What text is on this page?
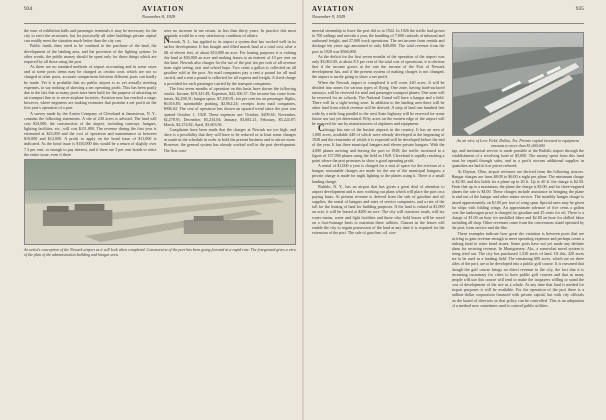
934	AVIATION
November 8, 1929

the ease of exhibition halls and passenger terminals it may be necessary for the city to erect the structures, but for practically all other buildings private capital can readily meet the situation much better than the city can.

Public funds, then, need to be confined to the purchase of the land, the development of the landing area, and the provision of the lighting system. In other words, the public money should be spent only for those things which are required by all those using the port.

As there are no standard methods of airport accounting and in some cases and at some ports items may be charged as certain costs which are not so charged at other ports, accurate comparisons between different ports can hardly be made. Yet it is probable that no public airport is as yet actually meeting expenses, to say nothing of showing a net operating profit. This has been partly due to the fact that so many ports have been built for the purpose of attracting an air transport line or to serve airplane factories. Aviation now has reached a stage, however, where engineers are making estimates that promise a net profit on the first year's operation of a port.

A survey made by the Austin Company of Cleveland at Jamestown, N. Y., contains the following statements. A site of 230 acres is advised. The land will cost $34,000, the construction of the airport, including runways, hangars, lighting facilities, etc., will cost $111,000. The revenue during the first year is estimated at $23,000 and the cost of operation and maintenance at between $10,000 and $12,000. A profit to apply on the bond issue of $11,000 is indicated. As the bond issue is $150,000 this would be a return of slightly over 7.3 per cent. or enough to pay interest, and if there are 3 per cent bonds to retire the entire issue, even if there

were no increase in net return, in less than thirty years. In practice this most certainly would be a very satisfactory condition of affairs.

Newark, N. J., has applied to its airport a system that has worked well in its harbor development. It has bought and filled marsh land at a total cost, after a fill of eleven feet, of about $10,000 an acre. For leasing purposes it is valuing this land at $30,000 an acre and making leases at an interest of 10 per cent on this base. Newark also charges for the use of the port ten per cent of all revenue from sight seeing, taxi and school hops. Two cents a gallon is collected on all gasoline sold at the port. Air mail companies pay a rent a pound for all mail carried, and a rent a pound is collected for all express and freight. A fixed charge is provided for each passenger carried by the transport companies.

The first seven months of operation on this basis have shown the following results: Income, $19,341.49; Expenses, $22,306.37. The income has come from: leases, $2,298.31; hangar space, $7,290.91; ten per cent tax on passenger flights, $6,016.85; automobile parking, $2,962.24; receipts from mail companies, $906.04. The cost of operation has shown an upward trend since the port was opened October 1, 1928. These expenses are: October, $209.65; November, $2,278.91; December, $5,234.04; January, $3,682.21; February, $5,224.87; March, $2,274.82; April, $3,603.56.

Complaints have been made that the charges at Newark are too high, and there is a possibility that they will have to be reduced or at least some changes be made in the schedule in order to hold the present business and to attract more. However, the general system has already worked well in the port development. The first com-

An artist's conception of the Newark airport as it will look when completed. Construction of the port has been going forward at a rapid rate. The foreground gives a view of the plan of the administration building and hangar area.
AVIATION
November 9, 1929
935

mercial steamship to leave the port did so in 1922. In 1926 the traffic had grown to 700 sailings and arrivals a year, the handling of 7,000 carloads of inbound and outbound freight, and 27,000 truck operations. The net income from rentals and dockage ten years ago amounted to only $40,000. The total revenue from the port in 1928 was $566,000.

As the deficit for the first seven months of the operation of the airport was only $3,063.00, or about 8.5 per cent of the total cost of operations, it is obvious that if the income grows at the rate the income of the Port of Newark development has, and if the present system of making charges is not changed, the airport is surely going to show a net profit.

When the Newark airport is completed it will cover 420 acres. It will be divided into zones for various types of flying. One zone, having hard-surfaced runways, will be reserved for mail and passenger transport planes. One zone will be reserved for air schools. The National Guard will have a hangar and a field. There will be a sight-seeing zone. In addition to the landing area there will be other land from which revenue will be derived. A strip of land one hundred feet wide by a mile long parallel to the west State highway will be reserved for some future use not yet determined. Fifty acres on the eastern edge of the airport will be reserved for use by manufacturers of airplanes and equipment.

Chicago has one of the busiest airports in the country. It has an area of 1,000 acres, available 440 of which were already developed at the beginning of 1928 and the remainder of which it is expected will be developed before the end of the year. It has three municipal hangars and eleven private hangars. With the 4,000 planes arriving and leaving the port in 1928, the traffic increased to a figure of 157,000 planes using the field in 1928. Cleveland is rapidly reaching a point where the port promises to show a good operating profit.

A rental of $1,000 a year is charged for a unit of space for the erection of a hangar; reasonable charges are made for the use of the municipal hangars; a private charge is made for night lighting to the planes using it. There is a small landing charge.

Buffalo, N. Y., has an airport that has given a great deal of attention to airport development and is now working out plans which will place the port on a paying basis. At present revenue is derived from the sale of gasoline and oil supplies, the rental of hangars and rates of service companies, and a rate of the toll for the leasing of land for building purposes. If the land is valued at $1,000 an acre, it will be leased at $200 an acre. The city will construct roads, will lay water mains, water and light facilities and those who hold leases will be taxed on a foot-frontage basis to maintain these utilities. Clauses in the leases will enable the city to regain possession of the land at any time it is required for the extension of the port. The sale of gasoline, oil, stor-

An air view of Love Field, Dallas, Tex. Private capital invested in equipment amounts to more than $1,000,000

age, and mechanical service is made possible at the Buffalo airport through the establishment of a revolving fund of $5,000. The money spent from this fund must be repaid through sales, and in a profit accrues additional supplies in quantities are had at low prices reduced.

At Dayton, Ohio, airport revenues are derived from the following sources. Hangar charges are from $8.00 to $6.00 a night per plane. The minimum charge is $2.00, and this holds for a plane up to 20 ft. Up to 40 ft. the charge is $2.50. From that up to a maximum, the plane the charge is $3.00, and for three-engined planes the rate is $4.00. These charges include assistance in bringing the plane in and out of the hangar and other minor service. The monthly hangar charge is based approximately on $1.00 per foot of wing span. Special rates may be given for ships with folding wings. An approximate advance of five cents a gallon over the tankwagon price is charged for gasoline and 25 cents for oil. There is a charge of $1.00 an hour for unskilled labor and $2.00 an hour for skilled labor including all shop. Other revenues come from the concessions stand operated by the port, from service and the like.

These examples indicate how great the variation is between ports that are striving to gain revenue enough to meet operating expenses and perhaps create a sinking fund to retire bond issues. Some ports have not yet made any definite plans for securing revenue. In Montgomery, Ala., a somewhat novel system is being tried out. The city has purchased 1,520 acres of land. Of this, 420 acres are to be used as a landing field. The remaining 600 acres, which are on three sides of the port, are to be developed into a public golf course. It is reasoned that though the golf course brings no direct revenue to the city, the fact that it is becoming customary for cities to have public golf courses and that as many people will use this course will tend to make the taxpayers willing to stand the cost of development of the site as a whole. At any time that land is needed for airport purposes it will be available. For the operation of the port there is a million-dollar corporation financed with private capital, but with city officials on the board of directors so that policy can be controlled. This is an adaptation of a method now sometimes used to control public utilities.
